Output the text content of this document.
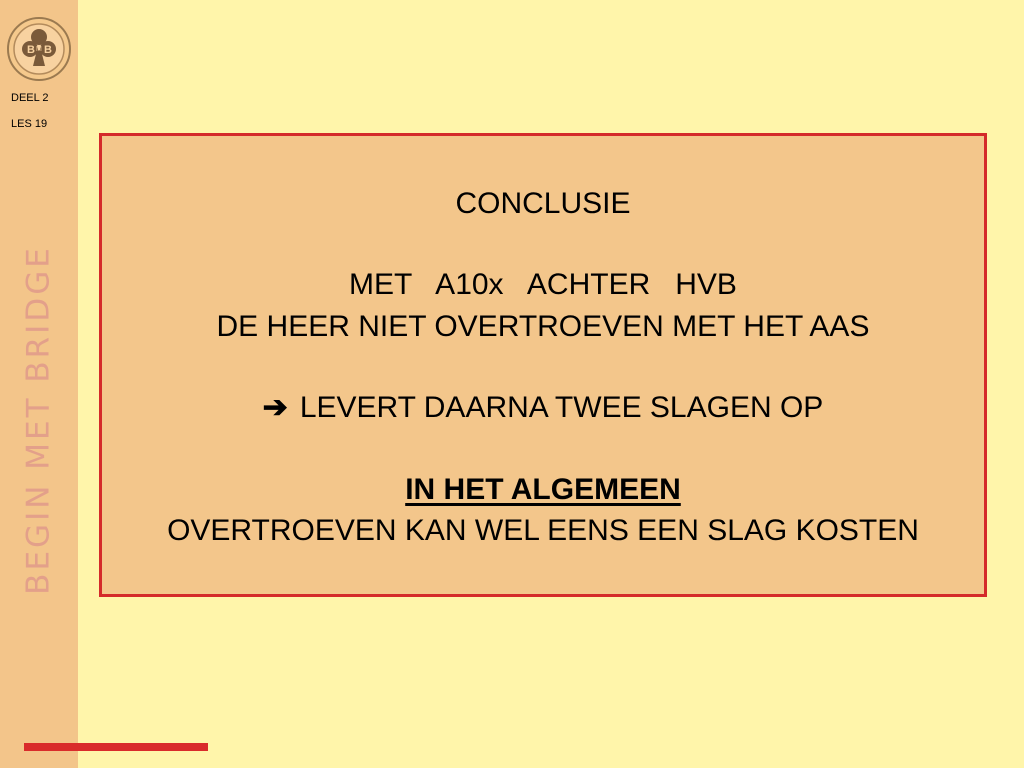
B B
M
DEEL 2
LES 19
BEGIN MET BRIDGE
CONCLUSIE
MET   A10x   ACHTER   HVB
DE HEER NIET OVERTROEVEN MET HET AAS
➔ LEVERT DAARNA TWEE SLAGEN OP
IN HET ALGEMEEN
OVERTROEVEN KAN WEL EENS EEN SLAG KOSTEN
